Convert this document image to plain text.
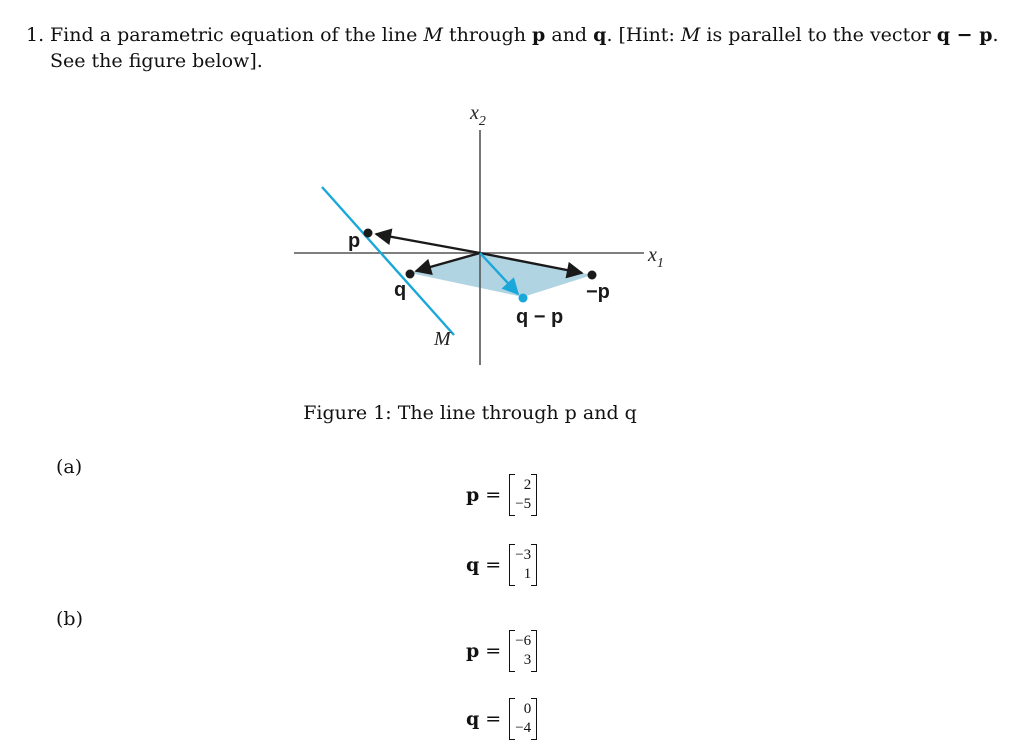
1. Find a parametric equation of the line M through p and q. [Hint: M is parallel to the vector q − p.
See the figure below].
$x_2$
$x_1$
p
q	−p
q − p
M
Figure 1: The line through p and q
(a)
p = 2
−5
q = −3
1
(b)
p = −6
3
q = 0
−4
